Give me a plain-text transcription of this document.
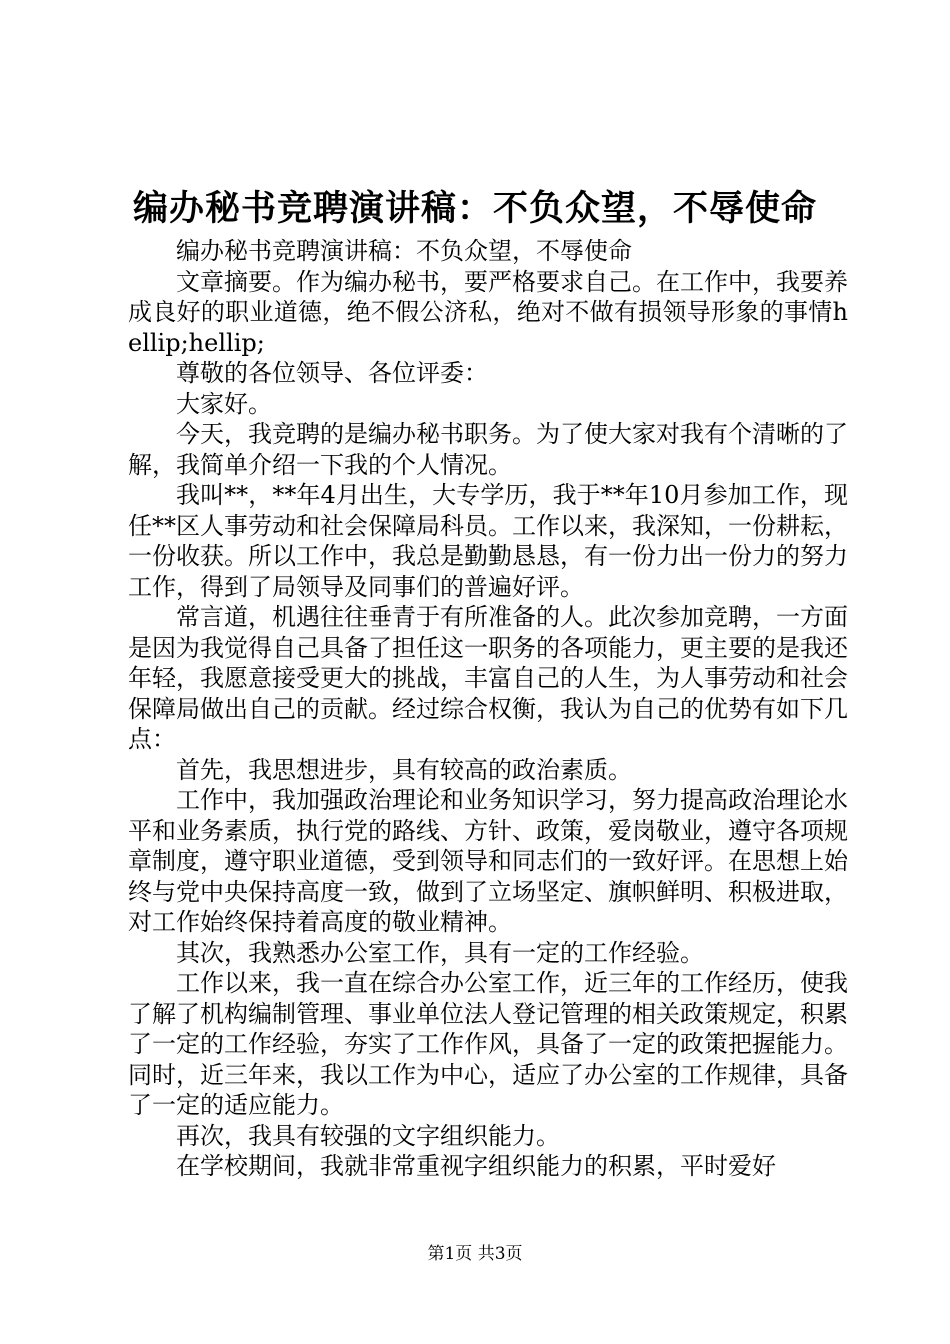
编办秘书竞聘演讲稿：不负众望，不辱使命

编办秘书竞聘演讲稿：不负众望，不辱使命

文章摘要。作为编办秘书，要严格要求自己。在工作中，我要养成良好的职业道德，绝不假公济私，绝对不做有损领导形象的事情hellip;hellip;

尊敬的各位领导、各位评委：

大家好。

今天，我竞聘的是编办秘书职务。为了使大家对我有个清晰的了解，我简单介绍一下我的个人情况。

我叫**，**年4月出生，大专学历，我于**年10月参加工作，现任**区人事劳动和社会保障局科员。工作以来，我深知，一份耕耘，一份收获。所以工作中，我总是勤勤恳恳，有一份力出一份力的努力工作，得到了局领导及同事们的普遍好评。

常言道，机遇往往垂青于有所准备的人。此次参加竞聘，一方面是因为我觉得自己具备了担任这一职务的各项能力，更主要的是我还年轻，我愿意接受更大的挑战，丰富自己的人生，为人事劳动和社会保障局做出自己的贡献。经过综合权衡，我认为自己的优势有如下几点：

首先，我思想进步，具有较高的政治素质。

工作中，我加强政治理论和业务知识学习，努力提高政治理论水平和业务素质，执行党的路线、方针、政策，爱岗敬业，遵守各项规章制度，遵守职业道德，受到领导和同志们的一致好评。在思想上始终与党中央保持高度一致，做到了立场坚定、旗帜鲜明、积极进取，对工作始终保持着高度的敬业精神。

其次，我熟悉办公室工作，具有一定的工作经验。

工作以来，我一直在综合办公室工作，近三年的工作经历，使我了解了机构编制管理、事业单位法人登记管理的相关政策规定，积累了一定的工作经验，夯实了工作作风，具备了一定的政策把握能力。同时，近三年来，我以工作为中心，适应了办公室的工作规律，具备了一定的适应能力。

再次，我具有较强的文字组织能力。

在学校期间，我就非常重视字组织能力的积累，平时爱好

第1页 共3页
